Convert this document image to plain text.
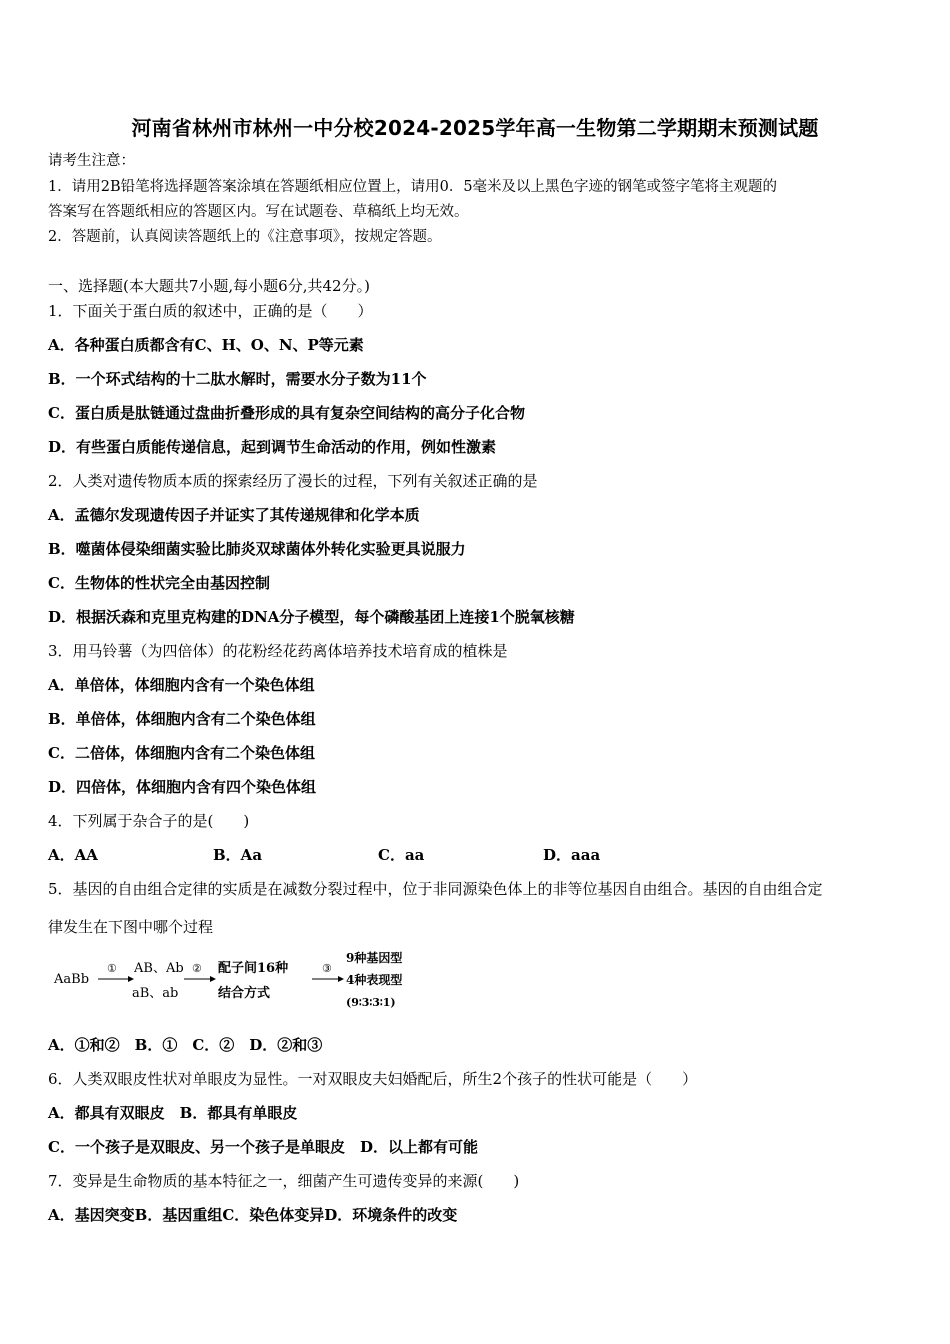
河南省林州市林州一中分校2024-2025学年高一生物第二学期期末预测试题
请考生注意：
1．请用2B铅笔将选择题答案涂填在答题纸相应位置上，请用0．5毫米及以上黑色字迹的钢笔或签字笔将主观题的
答案写在答题纸相应的答题区内。写在试题卷、草稿纸上均无效。
2．答题前，认真阅读答题纸上的《注意事项》，按规定答题。
一、选择题(本大题共7小题,每小题6分,共42分。)
1．下面关于蛋白质的叙述中，正确的是（　　）
A．各种蛋白质都含有C、H、O、N、P等元素
B．一个环式结构的十二肽水解时，需要水分子数为11个
C．蛋白质是肽链通过盘曲折叠形成的具有复杂空间结构的高分子化合物
D．有些蛋白质能传递信息，起到调节生命活动的作用，例如性激素
2．人类对遗传物质本质的探索经历了漫长的过程，下列有关叙述正确的是
A．孟德尔发现遗传因子并证实了其传递规律和化学本质
B．噬菌体侵染细菌实验比肺炎双球菌体外转化实验更具说服力
C．生物体的性状完全由基因控制
D．根据沃森和克里克构建的DNA分子模型，每个磷酸基团上连接1个脱氧核糖
3．用马铃薯（为四倍体）的花粉经花药离体培养技术培育成的植株是
A．单倍体，体细胞内含有一个染色体组
B．单倍体，体细胞内含有二个染色体组
C．二倍体，体细胞内含有二个染色体组
D．四倍体，体细胞内含有四个染色体组
4．下列属于杂合子的是(　　)
A．AA	B．Aa	C．aa	D．aaa
5．基因的自由组合定律的实质是在减数分裂过程中，位于非同源染色体上的非等位基因自由组合。基因的自由组合定
律发生在下图中哪个过程
AaBb
① AB、Ab
aB、ab
② 配子间16种
结合方式
③
9种基因型
4种表现型
(9∶3∶3∶1)
A．①和②　B．①　C．②　D．②和③
6．人类双眼皮性状对单眼皮为显性。一对双眼皮夫妇婚配后，所生2个孩子的性状可能是（　　）
A．都具有双眼皮　B．都具有单眼皮
C．一个孩子是双眼皮、另一个孩子是单眼皮　D．以上都有可能
7．变异是生命物质的基本特征之一，细菌产生可遗传变异的来源(　　)
A．基因突变B．基因重组C．染色体变异D．环境条件的改变
